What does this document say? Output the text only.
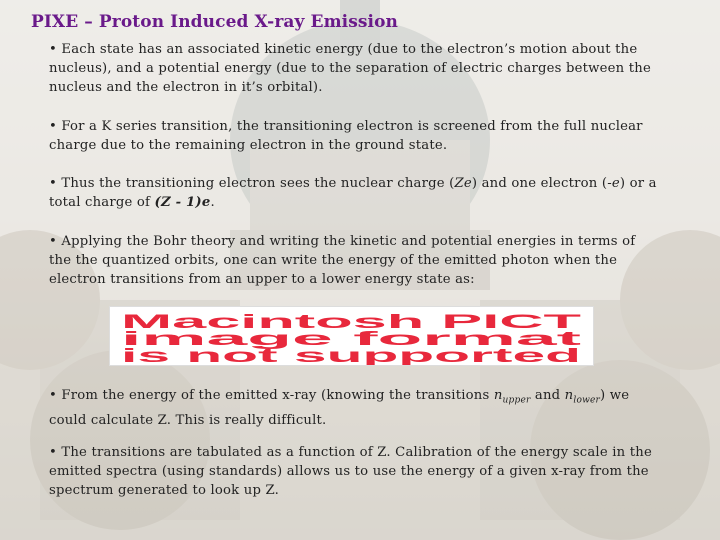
PIXE – Proton Induced X-ray Emission
• Each state has an associated kinetic energy (due to the electron’s motion about the nucleus), and a potential energy (due to the separation of electric charges between the nucleus and the electron in it’s orbital).
• For a K series transition, the transitioning electron is screened from the full nuclear charge due to the remaining electron in the ground state.
• Thus the transitioning electron sees the nuclear charge (Ze) and one electron (-e) or a total charge of (Z - 1)e.
• Applying the Bohr theory and writing the kinetic and potential energies in terms of the the quantized orbits, one can write the energy of the emitted photon when the electron transitions from an upper to a lower energy state as:
Macintosh PICT
image format
is not supported
• From the energy of the emitted x-ray (knowing the transitions $n_{upper}$ and $n_{lower}$) we could calculate Z. This is really difficult.
• The transitions are tabulated as a function of Z. Calibration of the energy scale in the emitted spectra (using standards) allows us to use the energy of a given x-ray from the spectrum generated to look up Z.
